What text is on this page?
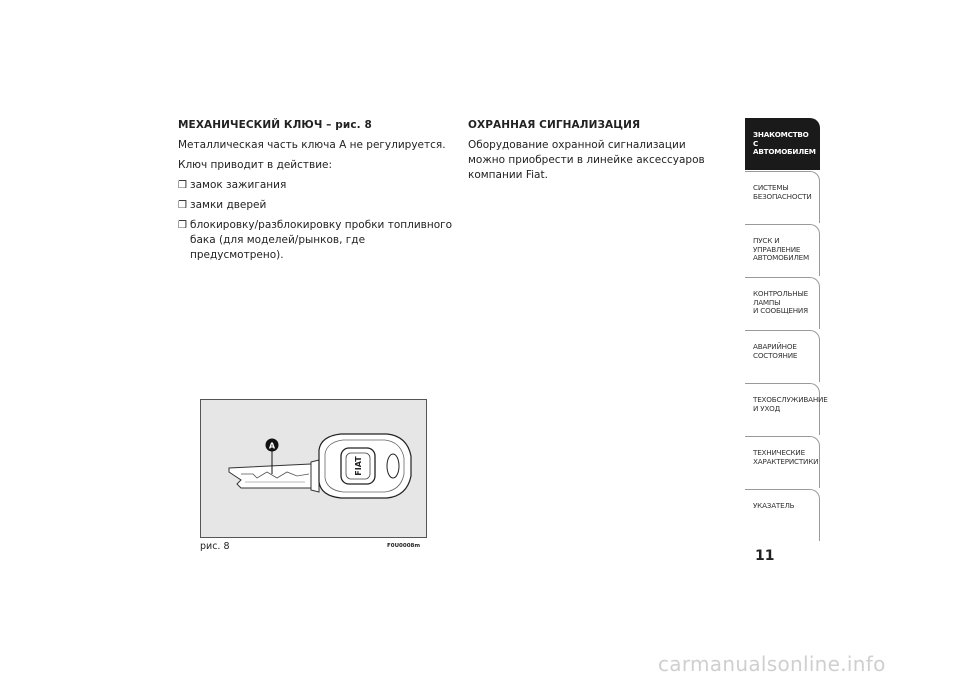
МЕХАНИЧЕСКИЙ КЛЮЧ – рис. 8

Металлическая часть ключа A не регулируется.

Ключ приводит в действие:

❒ замок зажигания
❒ замки дверей
❒ блокировку/разблокировку пробки топливного бака (для моделей/рынков, где предусмотрено).
ОХРАННАЯ СИГНАЛИЗАЦИЯ

Оборудование охранной сигнализации можно приобрести в линейке аксессуаров компании Fiat.

FIAT
A
рис. 8	F0U0008m
ЗНАКОМСТВО С
АВТОМОБИЛЕМ
СИСТЕМЫ
БЕЗОПАСНОСТИ
ПУСК И УПРАВЛЕНИЕ
АВТОМОБИЛЕМ
КОНТРОЛЬНЫЕ
ЛАМПЫ
И СООБЩЕНИЯ
АВАРИЙНОЕ
СОСТОЯНИЕ
ТЕХОБСЛУЖИВАНИЕ
И УХОД
ТЕХНИЧЕСКИЕ
ХАРАКТЕРИСТИКИ
УКАЗАТЕЛЬ
11
carmanualsonline.info
